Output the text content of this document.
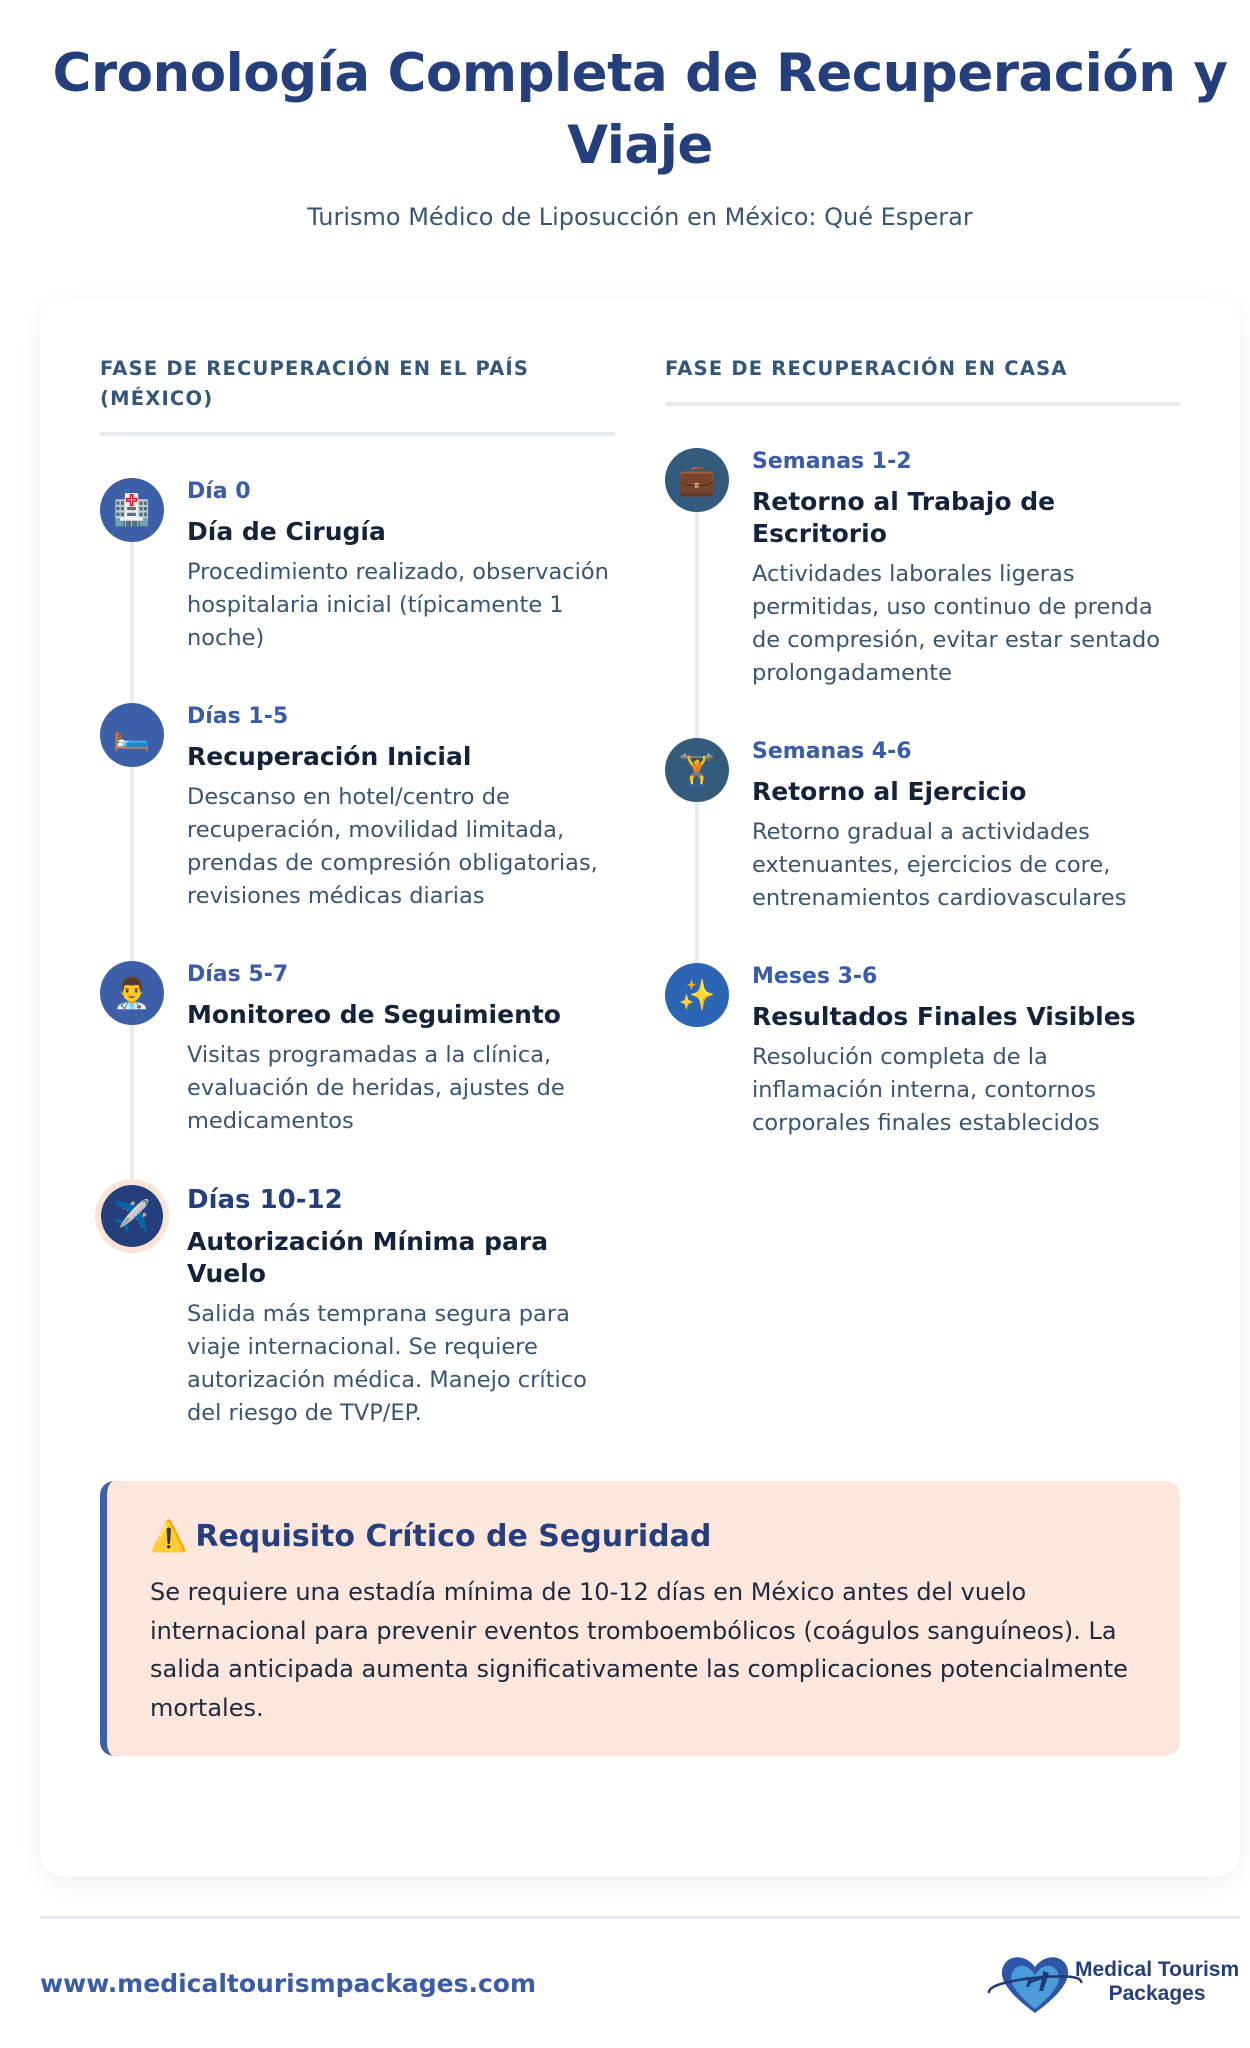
Cronología Completa de Recuperación y Viaje

Turismo Médico de Liposucción en México: Qué Esperar

FASE DE RECUPERACIÓN EN EL PAÍS (MÉXICO)
🏥
Día 0
Día de Cirugía
Procedimiento realizado, observación hospitalaria inicial (típicamente 1 noche)
🛏️
Días 1-5
Recuperación Inicial
Descanso en hotel/centro de recuperación, movilidad limitada, prendas de compresión obligatorias, revisiones médicas diarias
👨‍⚕️
Días 5-7
Monitoreo de Seguimiento
Visitas programadas a la clínica, evaluación de heridas, ajustes de medicamentos
✈️	Días 10-12
Autorización Mínima para Vuelo
Salida más temprana segura para viaje internacional. Se requiere autorización médica. Manejo crítico del riesgo de TVP/EP.
FASE DE RECUPERACIÓN EN CASA
💼
Semanas 1-2
Retorno al Trabajo de Escritorio
Actividades laborales ligeras permitidas, uso continuo de prenda de compresión, evitar estar sentado prolongadamente
🏋️
Semanas 4-6
Retorno al Ejercicio
Retorno gradual a actividades extenuantes, ejercicios de core, entrenamientos cardiovasculares
✨
Meses 3-6
Resultados Finales Visibles
Resolución completa de la inflamación interna, contornos corporales finales establecidos
⚠️ Requisito Crítico de Seguridad

Se requiere una estadía mínima de 10-12 días en México antes del vuelo internacional para prevenir eventos tromboembólicos (coágulos sanguíneos). La salida anticipada aumenta significativamente las complicaciones potencialmente mortales.

www.medicaltourismpackages.com	Medical Tourism
Packages
